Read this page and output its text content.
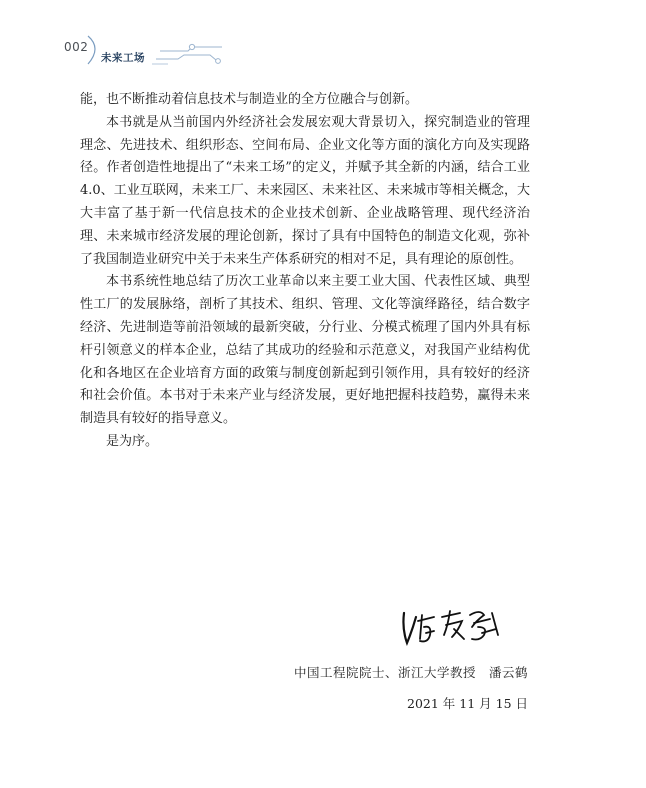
002
未来工场

能，也不断推动着信息技术与制造业的全方位融合与创新。

本书就是从当前国内外经济社会发展宏观大背景切入，探究制造业的管理理念、先进技术、组织形态、空间布局、企业文化等方面的演化方向及实现路径。作者创造性地提出了“未来工场”的定义，并赋予其全新的内涵，结合工业4.0、工业互联网，未来工厂、未来园区、未来社区、未来城市等相关概念，大大丰富了基于新一代信息技术的企业技术创新、企业战略管理、现代经济治理、未来城市经济发展的理论创新，探讨了具有中国特色的制造文化观，弥补了我国制造业研究中关于未来生产体系研究的相对不足，具有理论的原创性。

本书系统性地总结了历次工业革命以来主要工业大国、代表性区域、典型性工厂的发展脉络，剖析了其技术、组织、管理、文化等演绎路径，结合数字经济、先进制造等前沿领域的最新突破，分行业、分模式梳理了国内外具有标杆引领意义的样本企业，总结了其成功的经验和示范意义，对我国产业结构优化和各地区在企业培育方面的政策与制度创新起到引领作用，具有较好的经济和社会价值。本书对于未来产业与经济发展，更好地把握科技趋势，赢得未来制造具有较好的指导意义。

是为序。

中国工程院院士、浙江大学教授　潘云鹤
2021 年 11 月 15 日
